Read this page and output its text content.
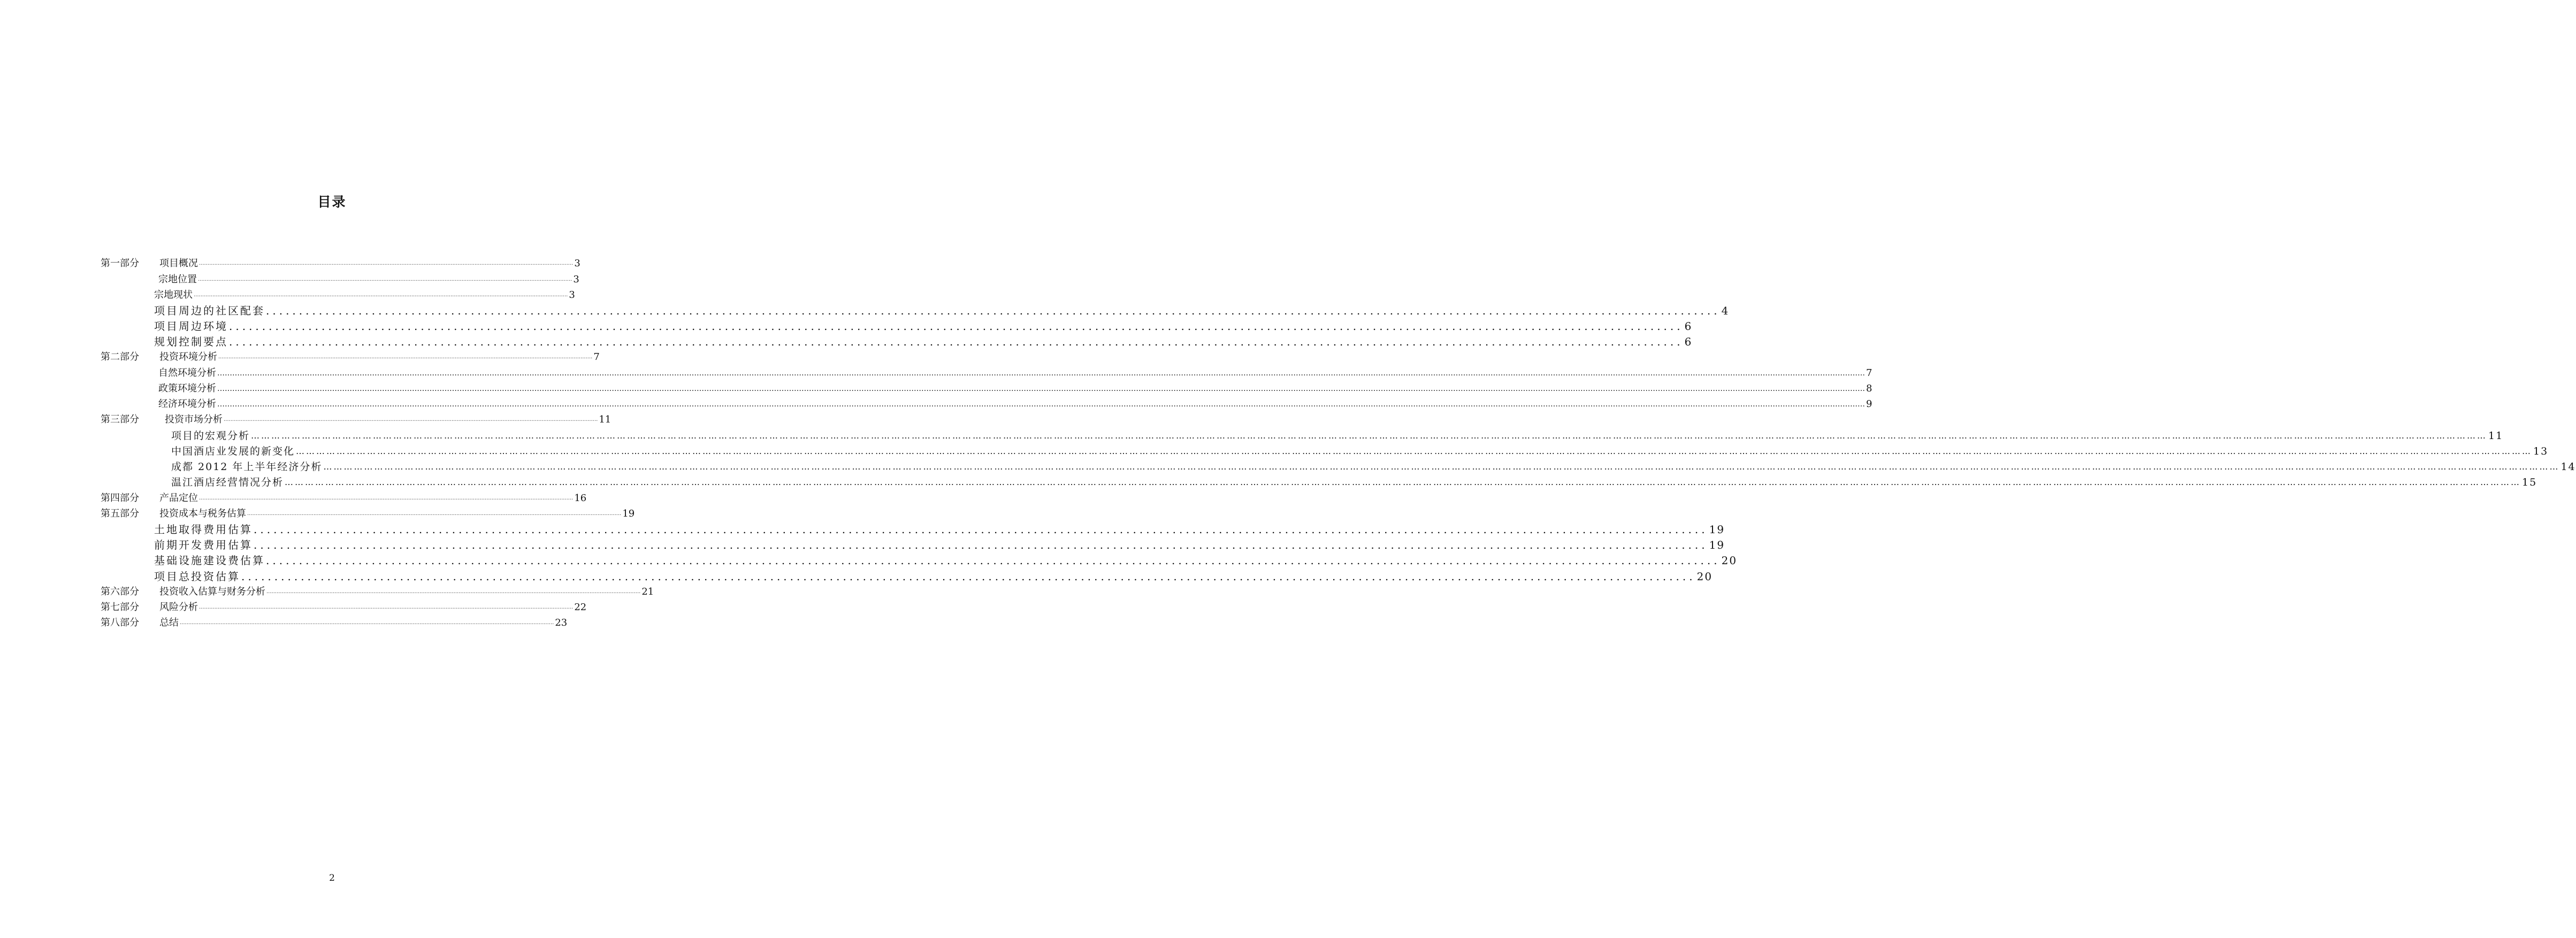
目录
第一部分	项目概况 ............................................................................................................................................................................................................................ 3
宗地位置 ............................................................................................................................................................................................................................ 3
宗地现状 ............................................................................................................................................................................................................................ 3
项目周边的社区配套 ............................................................................................................................................................................................................................ 4
项目周边环境 ............................................................................................................................................................................................................................ 6
规划控制要点 ............................................................................................................................................................................................................................ 6
第二部分	投资环境分析 ............................................................................................................................................................................................................................ 7
自然环境分析 ………………………………………………………………………………………………………………………………………………………………………………………………………………………………………………………………………………………………………………………………………………………………………………………………………………………………………………………………………………………………………………………………………………………………………………………………………… 7
政策环境分析 ………………………………………………………………………………………………………………………………………………………………………………………………………………………………………………………………………………………………………………………………………………………………………………………………………………………………………………………………………………………………………………………………………………………………………………………………………… 8
经济环境分析 ………………………………………………………………………………………………………………………………………………………………………………………………………………………………………………………………………………………………………………………………………………………………………………………………………………………………………………………………………………………………………………………………………………………………………………………………………… 9
第三部分	投资市场分析 ............................................................................................................................................................................................................................ 11
项目的宏观分析 ………………………………………………………………………………………………………………………………………………………………………………………………………………………………………………………………………………………………………………………………………………………………………………………………………………………………………………………………………………………………………………………………………………………………………………………………………… 11
中国酒店业发展的新变化 ………………………………………………………………………………………………………………………………………………………………………………………………………………………………………………………………………………………………………………………………………………………………………………………………………………………………………………………………………………………………………………………………………………………………………………………………………… 13
成都 2012 年上半年经济分析 ………………………………………………………………………………………………………………………………………………………………………………………………………………………………………………………………………………………………………………………………………………………………………………………………………………………………………………………………………………………………………………………………………………………………………………………………………… 14
温江酒店经营情况分析 ………………………………………………………………………………………………………………………………………………………………………………………………………………………………………………………………………………………………………………………………………………………………………………………………………………………………………………………………………………………………………………………………………………………………………………………………………… 15
第四部分	产品定位 ............................................................................................................................................................................................................................ 16
第五部分	投资成本与税务估算 ............................................................................................................................................................................................................................ 19
土地取得费用估算 ............................................................................................................................................................................................................................ 19
前期开发费用估算 ............................................................................................................................................................................................................................ 19
基础设施建设费估算 ............................................................................................................................................................................................................................ 20
项目总投资估算 ............................................................................................................................................................................................................................ 20
第六部分	投资收入估算与财务分析 ............................................................................................................................................................................................................................ 21
第七部分	风险分析 ............................................................................................................................................................................................................................ 22
第八部分	总结 ............................................................................................................................................................................................................................ 23
2
